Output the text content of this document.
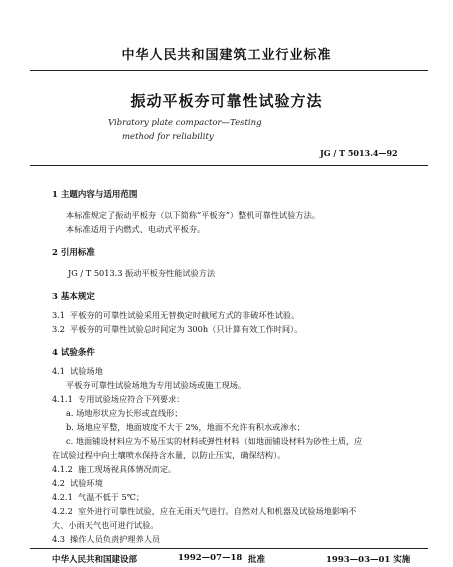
中华人民共和国建筑工业行业标准
振动平板夯可靠性试验方法
Vibratory plate compactor—Testing
method for reliability
JG / T 5013.4—92
1 主题内容与适用范围
本标准规定了振动平板夯（以下简称“平板夯”）整机可靠性试验方法。
本标准适用于内燃式、电动式平板夯。
2 引用标准
JG / T 5013.3 振动平板夯性能试验方法
3 基本规定
3.1 平板夯的可靠性试验采用无替换定时截尾方式的非破坏性试验。
3.2 平板夯的可靠性试验总时间定为 300h（只计算有效工作时间）。
4 试验条件
4.1 试验场地
平板夯可靠性试验场地为专用试验场或施工现场。
4.1.1 专用试验场应符合下列要求：
a. 场地形状应为长形或直线形；
b. 场地应平整，地面坡度不大于 2%，地面不允许有积水或渗水；
c. 地面铺设材料应为不易压实的材料或弹性材料（如地面铺设材料为砂性土质，应
在试验过程中向土壤喷水保持含水量，以防止压实，确保结构）。
4.1.2 施工现场视具体情况而定。
4.2 试验环境
4.2.1 气温不低于 5℃；
4.2.2 室外进行可靠性试验，应在无雨天气进行。自然对人和机器及试验场地影响不
大、小雨天气也可进行试验。
4.3 操作人员负责护理养人员
中华人民共和国建设部	1992—07—18 批准	1993—03—01 实施
